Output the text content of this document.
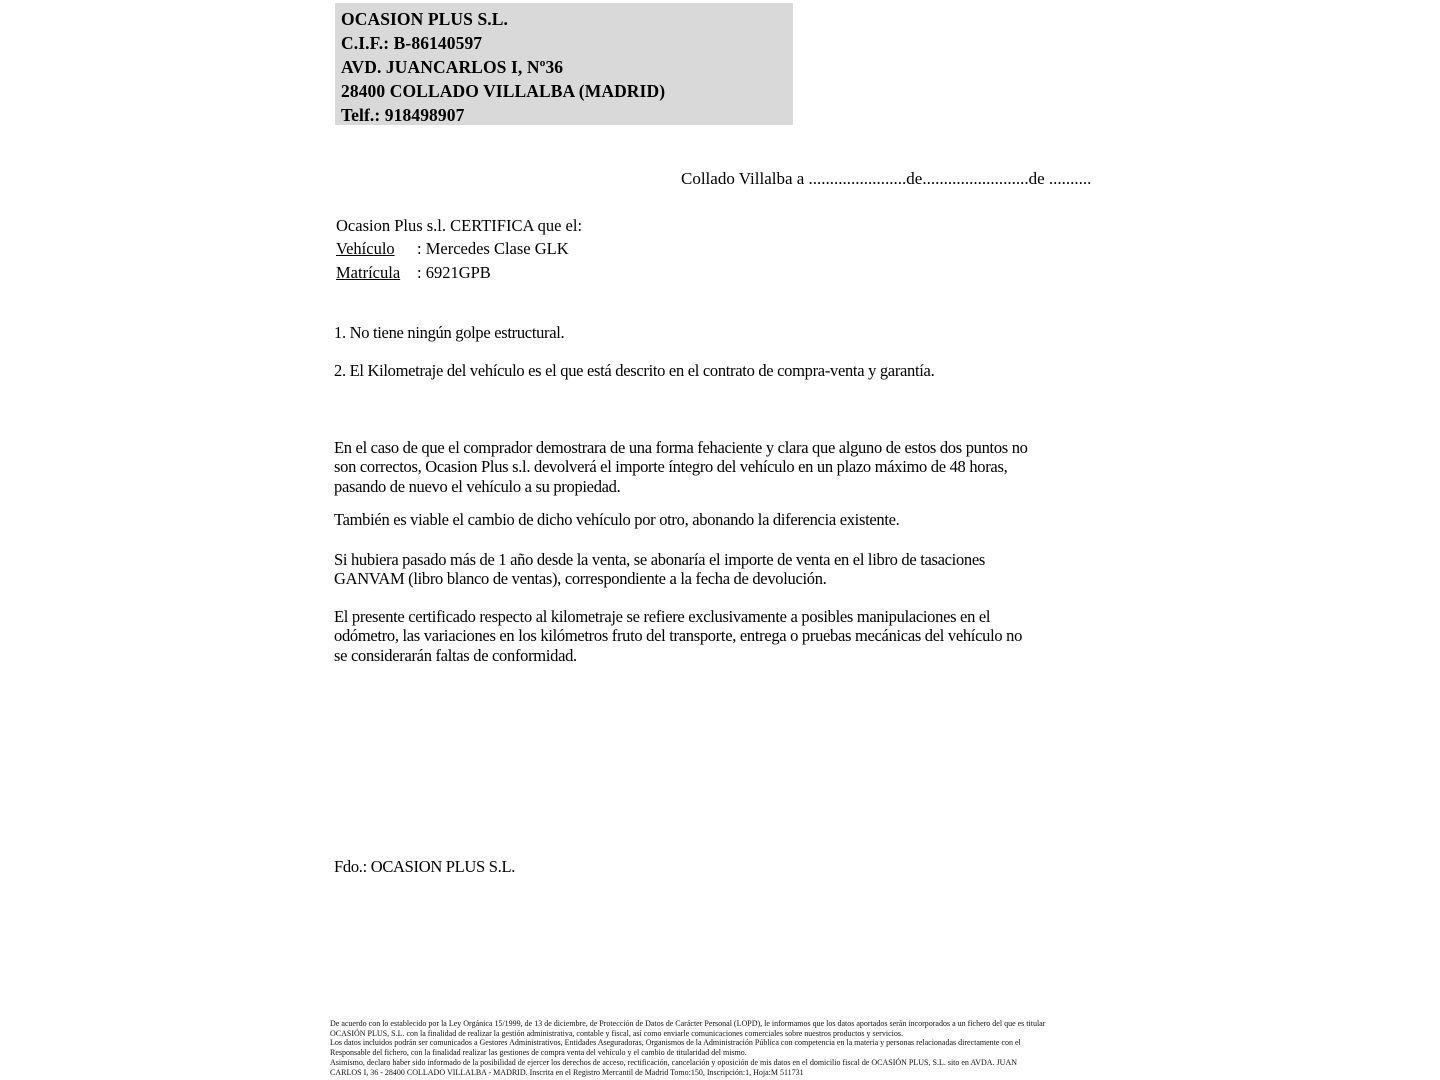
OCASION PLUS S.L.
C.I.F.: B-86140597
AVD. JUANCARLOS I, Nº36
28400 COLLADO VILLALBA (MADRID)
Telf.: 918498907
Collado Villalba a .......................de.........................de ..........
Ocasion Plus s.l. CERTIFICA que el:
Vehículo : Mercedes Clase GLK
Matrícula : 6921GPB
1. No tiene ningún golpe estructural.
2. El Kilometraje del vehículo es el que está descrito en el contrato de compra-venta y garantía.
En el caso de que el comprador demostrara de una forma fehaciente y clara que alguno de estos dos puntos no
son correctos, Ocasion Plus s.l. devolverá el importe íntegro del vehículo en un plazo máximo de 48 horas,
pasando de nuevo el vehículo a su propiedad.
También es viable el cambio de dicho vehículo por otro, abonando la diferencia existente.
Si hubiera pasado más de 1 año desde la venta, se abonaría el importe de venta en el libro de tasaciones
GANVAM (libro blanco de ventas), correspondiente a la fecha de devolución.
El presente certificado respecto al kilometraje se refiere exclusivamente a posibles manipulaciones en el
odómetro, las variaciones en los kilómetros fruto del transporte, entrega o pruebas mecánicas del vehículo no
se considerarán faltas de conformidad.
Fdo.: OCASION PLUS S.L.
De acuerdo con lo establecido por la Ley Orgánica 15/1999, de 13 de diciembre, de Protección de Datos de Carácter Personal (LOPD), le informamos que los datos aportados serán incorporados a un fichero del que es titular
OCASIÓN PLUS, S.L. con la finalidad de realizar la gestión administrativa, contable y fiscal, así como enviarle comunicaciones comerciales sobre nuestros productos y servicios.
Los datos incluidos podrán ser comunicados a Gestores Administrativos, Entidades Aseguradoras, Organismos de la Administración Pública con competencia en la materia y personas relacionadas directamente con el
Responsable del fichero, con la finalidad realizar las gestiones de compra venta del vehículo y el cambio de titularidad del mismo.
Asimismo, declaro haber sido informado de la posibilidad de ejercer los derechos de acceso, rectificación, cancelación y oposición de mis datos en el domicilio fiscal de OCASIÓN PLUS, S.L. sito en AVDA. JUAN
CARLOS I, 36 - 28400 COLLADO VILLALBA - MADRID. Inscrita en el Registro Mercantil de Madrid Tomo:150, Inscripción:1, Hoja:M 511731
